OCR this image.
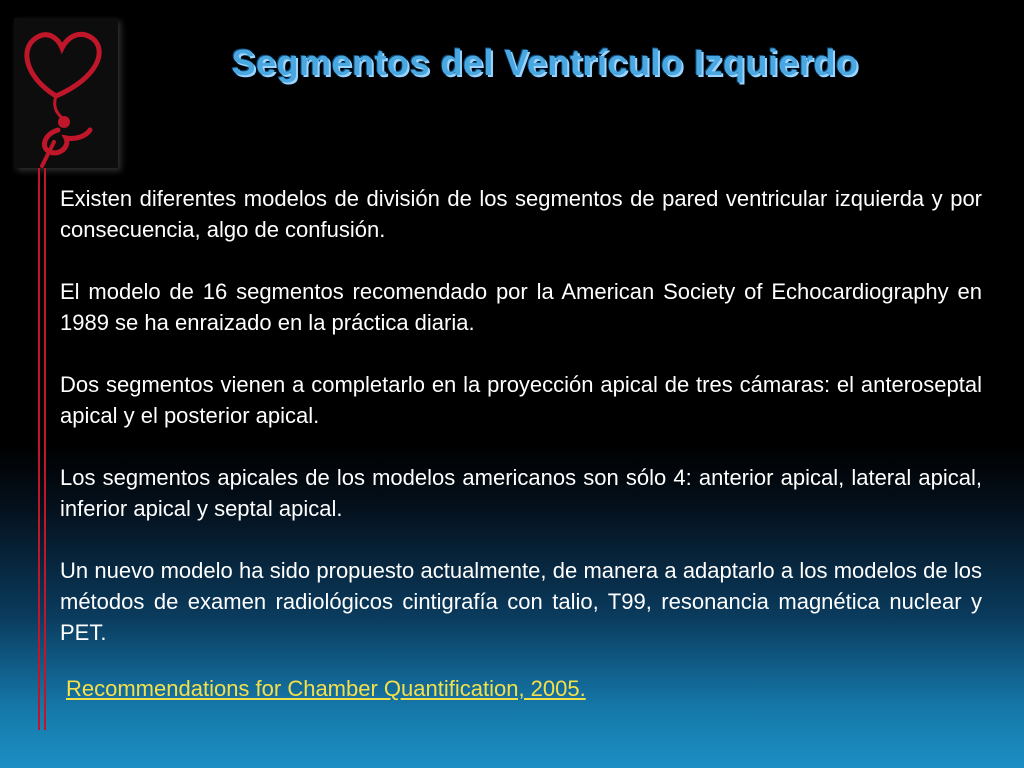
Segmentos del Ventrículo Izquierdo

Existen diferentes modelos de división de los segmentos de pared ventricular izquierda y por consecuencia, algo de confusión.

El modelo de 16 segmentos recomendado por la American Society of Echocardiography en 1989 se ha enraizado en la práctica diaria.

Dos segmentos vienen a completarlo en la proyección apical de tres cámaras: el anteroseptal apical y el posterior apical.

Los segmentos apicales de los modelos americanos son sólo 4: anterior apical, lateral apical, inferior apical y septal apical.

Un nuevo modelo ha sido propuesto actualmente, de manera a adaptarlo a los modelos de los métodos de examen radiológicos cintigrafía con talio, T99, resonancia magnética nuclear y PET.

Recommendations for Chamber Quantification, 2005.
